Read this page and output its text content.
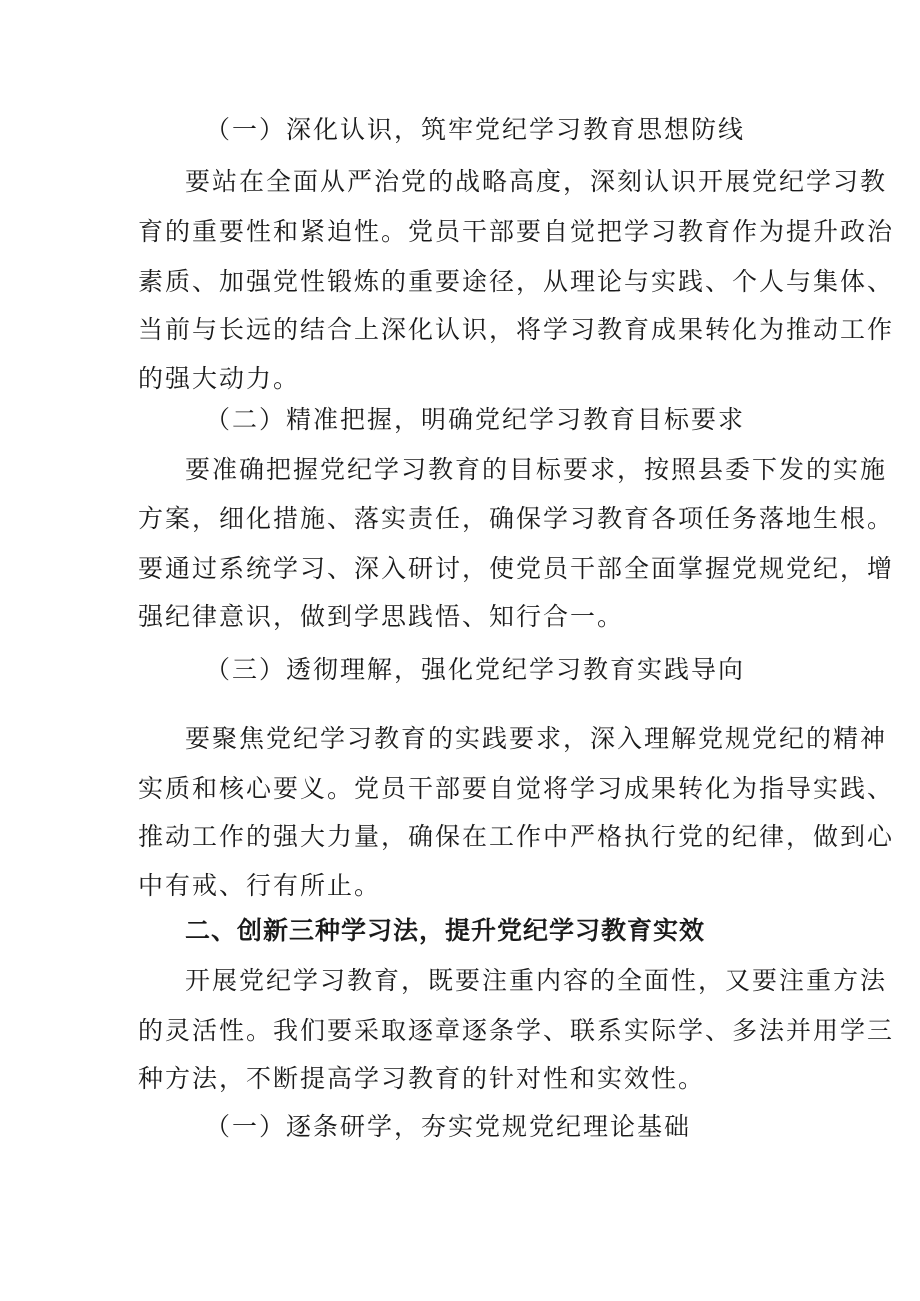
（一）深化认识，筑牢党纪学习教育思想防线
要站在全面从严治党的战略高度，深刻认识开展党纪学习教
育的重要性和紧迫性。党员干部要自觉把学习教育作为提升政治
素质、加强党性锻炼的重要途径，从理论与实践、个人与集体、
当前与长远的结合上深化认识，将学习教育成果转化为推动工作
的强大动力。
（二）精准把握，明确党纪学习教育目标要求
要准确把握党纪学习教育的目标要求，按照县委下发的实施
方案，细化措施、落实责任，确保学习教育各项任务落地生根。
要通过系统学习、深入研讨，使党员干部全面掌握党规党纪，增
强纪律意识，做到学思践悟、知行合一。
（三）透彻理解，强化党纪学习教育实践导向
要聚焦党纪学习教育的实践要求，深入理解党规党纪的精神
实质和核心要义。党员干部要自觉将学习成果转化为指导实践、
推动工作的强大力量，确保在工作中严格执行党的纪律，做到心
中有戒、行有所止。
二、创新三种学习法，提升党纪学习教育实效
开展党纪学习教育，既要注重内容的全面性，又要注重方法
的灵活性。我们要采取逐章逐条学、联系实际学、多法并用学三
种方法，不断提高学习教育的针对性和实效性。
（一）逐条研学，夯实党规党纪理论基础
